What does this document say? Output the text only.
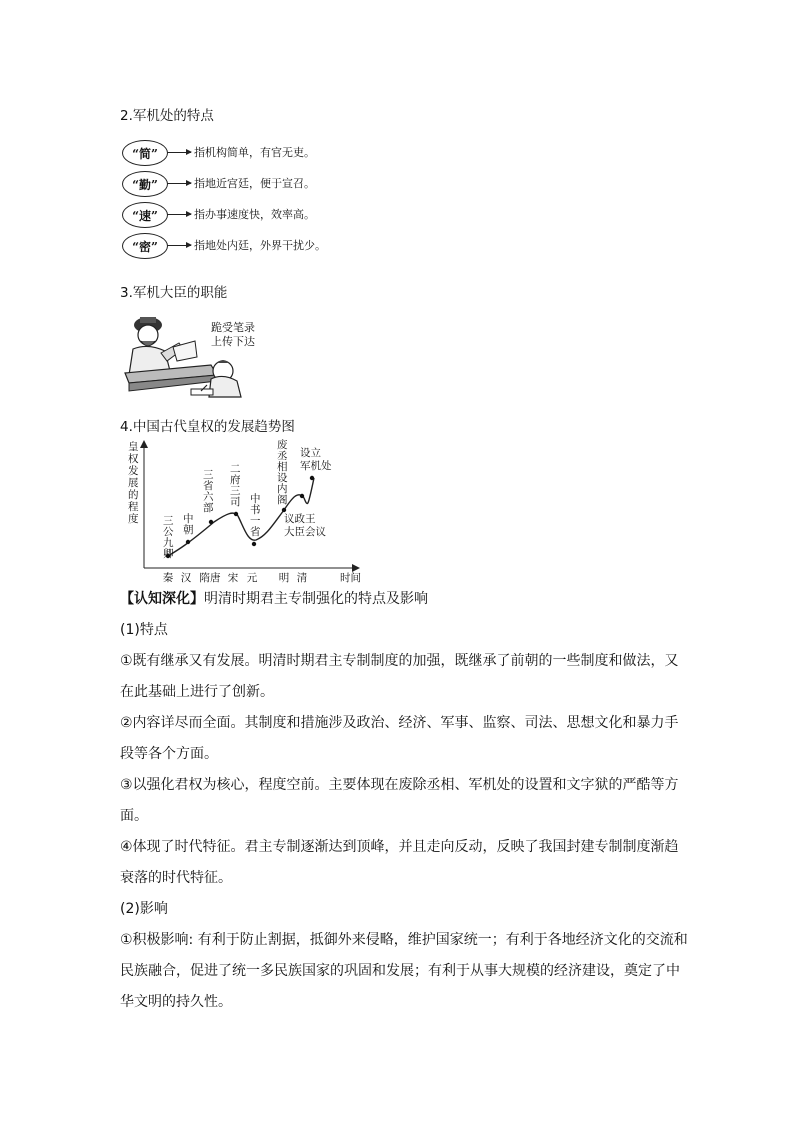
2.军机处的特点
“简”	指机构简单，有官无吏。
“勤”	指地近宫廷，便于宣召。
“速”	指办事速度快，效率高。
“密”	指地处内廷，外界干扰少。
3.军机大臣的职能
跪受笔录
上传下达
4.中国古代皇权的发展趋势图
皇权发展的程度 三公九卿
中朝
三省六部
二府三司 中书一省
废丞相设内阁
议政王大臣会议
设立军机处
秦 汉 隋唐 宋 元 明 清	时间

【认知深化】明清时期君主专制强化的特点及影响

(1)特点

①既有继承又有发展。明清时期君主专制制度的加强，既继承了前朝的一些制度和做法，又在此基础上进行了创新。

②内容详尽而全面。其制度和措施涉及政治、经济、军事、监察、司法、思想文化和暴力手段等各个方面。

③以强化君权为核心，程度空前。主要体现在废除丞相、军机处的设置和文字狱的严酷等方面。

④体现了时代特征。君主专制逐渐达到顶峰，并且走向反动，反映了我国封建专制制度渐趋衰落的时代特征。

(2)影响

①积极影响: 有利于防止割据，抵御外来侵略，维护国家统一；有利于各地经济文化的交流和民族融合，促进了统一多民族国家的巩固和发展；有利于从事大规模的经济建设，奠定了中华文明的持久性。
